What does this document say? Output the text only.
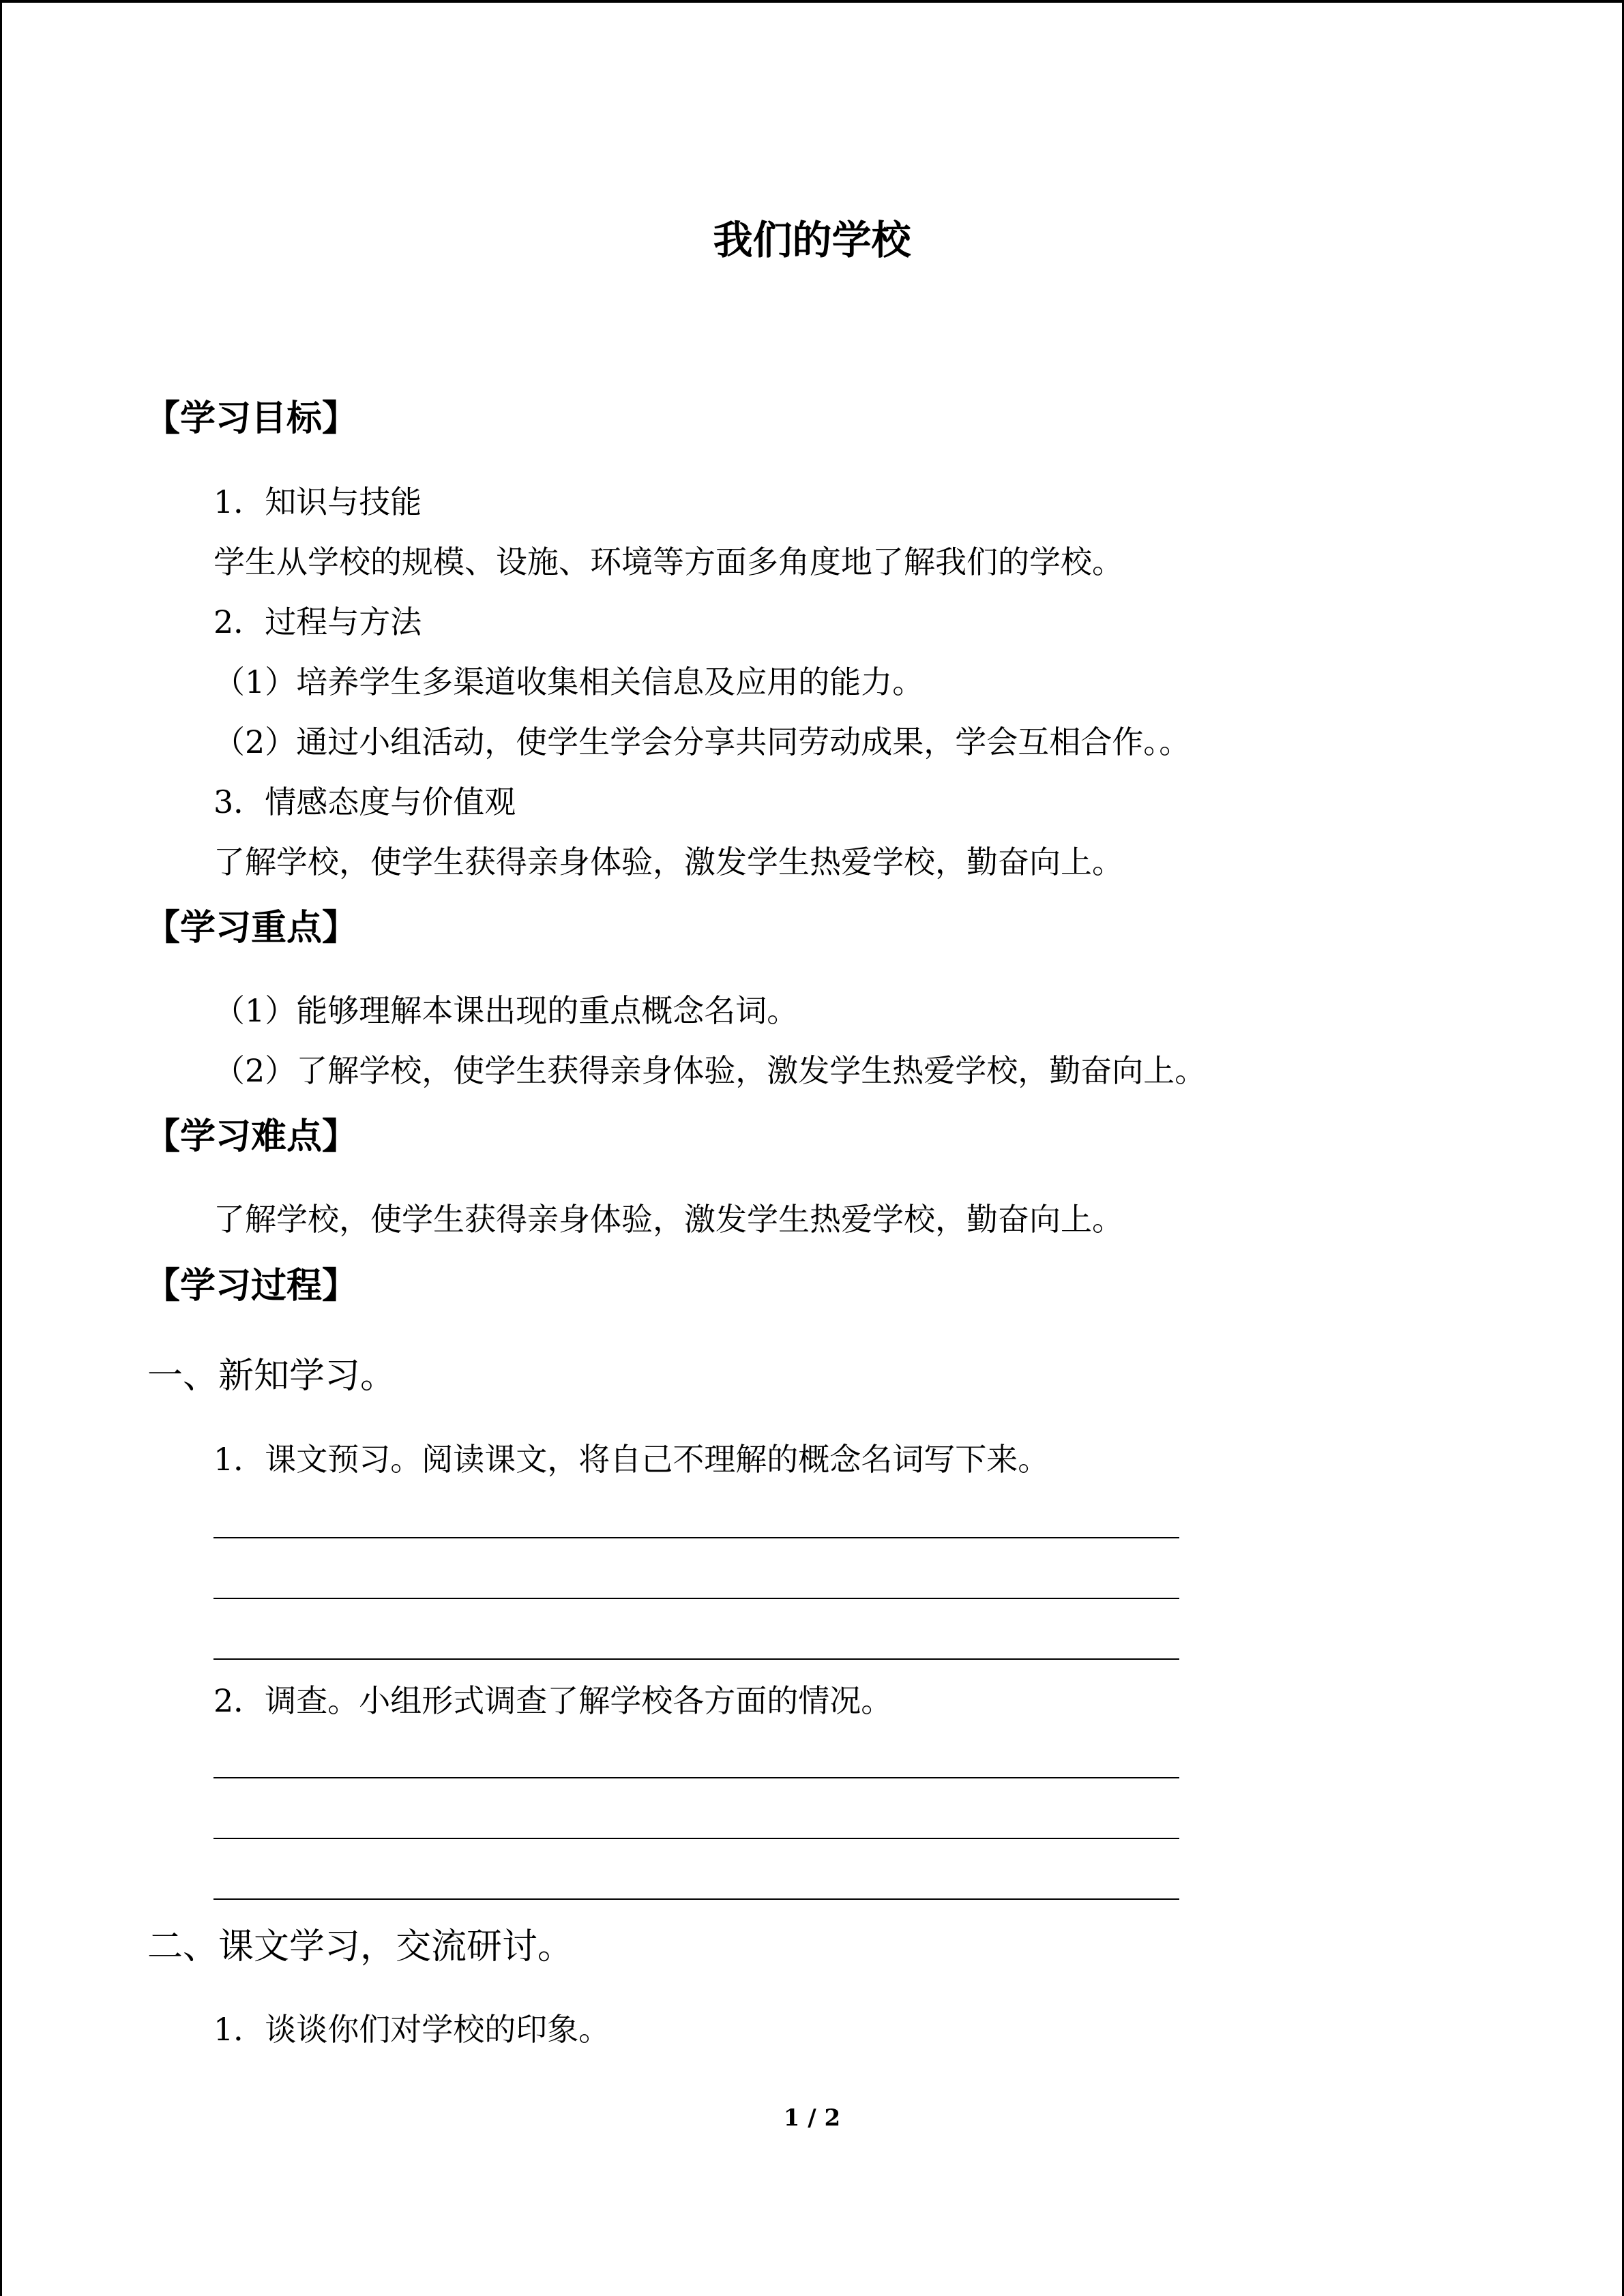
我们的学校
【学习目标】
1．知识与技能
学生从学校的规模、设施、环境等方面多角度地了解我们的学校。
2．过程与方法
（1）培养学生多渠道收集相关信息及应用的能力。
（2）通过小组活动，使学生学会分享共同劳动成果，学会互相合作。。
3．情感态度与价值观
了解学校，使学生获得亲身体验，激发学生热爱学校，勤奋向上。
【学习重点】
（1）能够理解本课出现的重点概念名词。
（2）了解学校，使学生获得亲身体验，激发学生热爱学校，勤奋向上。
【学习难点】
了解学校，使学生获得亲身体验，激发学生热爱学校，勤奋向上。
【学习过程】
一、新知学习。
1．课文预习。阅读课文，将自己不理解的概念名词写下来。
2．调查。小组形式调查了解学校各方面的情况。
二、课文学习，交流研讨。
1．谈谈你们对学校的印象。
1 / 2
